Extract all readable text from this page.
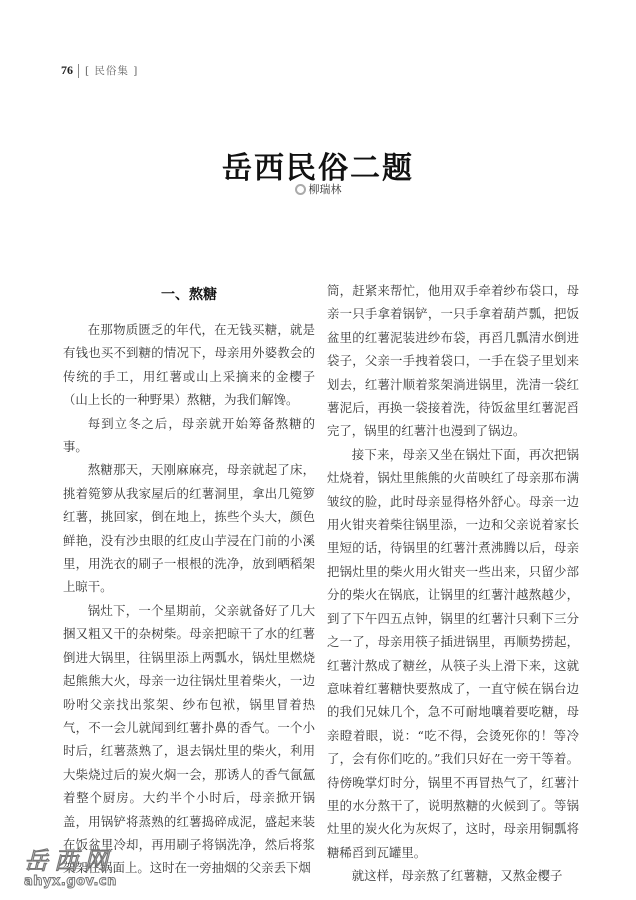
76 [ 民俗集 ]
岳西民俗二题
柳瑞林
一、熬糖

在那物质匮乏的年代，在无钱买糖，就是有钱也买不到糖的情况下，母亲用外婆教会的传统的手工，用红薯或山上采摘来的金樱子（山上长的一种野果）熬糖，为我们解馋。

每到立冬之后，母亲就开始筹备熬糖的事。

熬糖那天，天刚麻麻亮，母亲就起了床，挑着箢箩从我家屋后的红薯洞里，拿出几箢箩红薯，挑回家，倒在地上，拣些个头大，颜色鲜艳，没有沙虫眼的红皮山芋浸在门前的小溪里，用洗衣的刷子一根根的洗净，放到晒稻架上晾干。

锅灶下，一个星期前，父亲就备好了几大捆又粗又干的杂树柴。母亲把晾干了水的红薯倒进大锅里，往锅里添上两瓢水，锅灶里燃烧起熊熊大火，母亲一边往锅灶里着柴火，一边吩咐父亲找出浆架、纱布包袱，锅里冒着热气，不一会儿就闻到红薯扑鼻的香气。一个小时后，红薯蒸熟了，退去锅灶里的柴火，利用大柴烧过后的炭火焖一会，那诱人的香气氤氲着整个厨房。大约半个小时后，母亲掀开锅盖，用锅铲将蒸熟的红薯捣碎成泥，盛起来装在饭盆里冷却，再用刷子将锅洗净，然后将浆架架在锅面上。这时在一旁抽烟的父亲丢下烟

筒，赶紧来帮忙，他用双手牵着纱布袋口，母亲一只手拿着锅铲，一只手拿着葫芦瓢，把饭盆里的红薯泥装进纱布袋，再舀几瓢清水倒进袋子，父亲一手拽着袋口，一手在袋子里划来划去，红薯汁顺着浆架淌进锅里，洗清一袋红薯泥后，再换一袋接着洗，待饭盆里红薯泥舀完了，锅里的红薯汁也漫到了锅边。

接下来，母亲又坐在锅灶下面，再次把锅灶烧着，锅灶里熊熊的火苗映红了母亲那布满皱纹的脸，此时母亲显得格外舒心。母亲一边用火钳夹着柴往锅里添，一边和父亲说着家长里短的话，待锅里的红薯汁煮沸腾以后，母亲把锅灶里的柴火用火钳夹一些出来，只留少部分的柴火在锅底，让锅里的红薯汁越熬越少，到了下午四五点钟，锅里的红薯汁只剩下三分之一了，母亲用筷子插进锅里，再顺势捞起，红薯汁熬成了糖丝，从筷子头上滑下来，这就意味着红薯糖快要熬成了，一直守候在锅台边的我们兄妹几个，急不可耐地嚷着要吃糖，母亲瞪着眼，说：“吃不得，会烫死你的！等冷了，会有你们吃的。”我们只好在一旁干等着。待傍晚掌灯时分，锅里不再冒热气了，红薯汁里的水分熬干了，说明熬糖的火候到了。等锅灶里的炭火化为灰烬了，这时，母亲用铜瓢将糖稀舀到瓦罐里。

就这样，母亲熬了红薯糖，又熬金樱子

岳西网
ahyx.gov.cn
